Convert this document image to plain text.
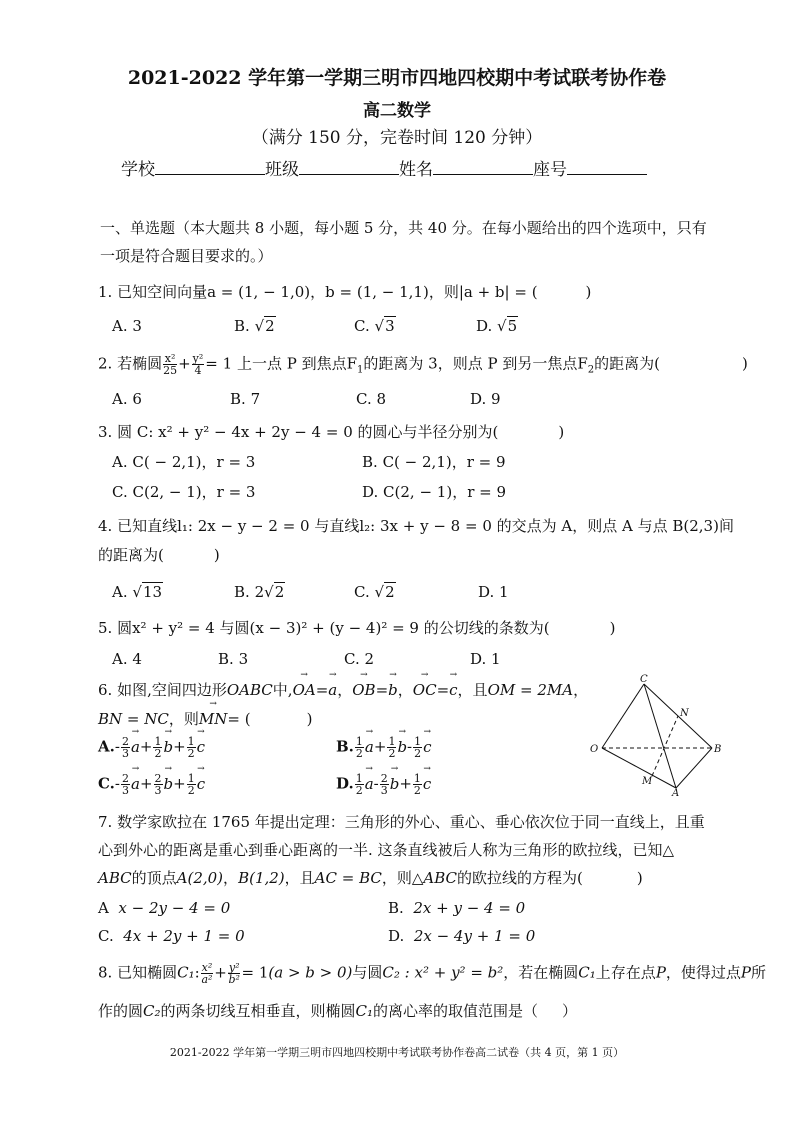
2021-2022 学年第一学期三明市四地四校期中考试联考协作卷
高二数学
（满分 150 分，完卷时间 120 分钟）
学校	班级	姓名	座号
一、单选题（本大题共 8 小题，每小题 5 分，共 40 分。在每小题给出的四个选项中，只有
一项是符合题目要求的。）
1. 已知空间向量a = (1, − 1,0)，b = (1, − 1,1)，则|a + b| = (	)
A. 3	B. √2	C. √3	D. √5
2. 若椭圆 $\frac{\text{x²}}{25} + \frac{\text{y²}}{4} = 1$ 上一点 P 到焦点$F_1$的距离为 3，则点 P 到另一焦点$F_2$的距离为(	)
A. 6	B. 7	C. 8	D. 9
3. 圆 C: x² + y² − 4x + 2y − 4 = 0 的圆心与半径分别为(	)
A. C( − 2,1)，r = 3	B. C( − 2,1)，r = 9
C. C(2, − 1)，r = 3	D. C(2, − 1)，r = 9
4. 已知直线l₁: 2x − y − 2 = 0 与直线l₂: 3x + y − 8 = 0 的交点为 A，则点 A 与点 B(2,3)间
的距离为(	)
A. √13	B. 2√2	C. √2	D. 1
5. 圆x² + y² = 4 与圆(x − 3)² + (y − 4)² = 9 的公切线的条数为(	)
A. 4	B. 3	C. 2	D. 1
6. 如图,空间四边形OABC中,→ OA=→ a，→ OB=→ b，→ OC=→ c，且OM = 2MA，
BN = NC，则→ MN= (	)
$A.- \frac{2}{3}$
→ $a+ \frac{1}{2}$
→ $b+ \frac{1}{2}$
→ c	B. $\frac{1}{2}$
→ $a+ \frac{1}{2}$
→ $b- \frac{1}{2}$
→ c
$C.- \frac{2}{3}$
→ $a+ \frac{2}{3}$
→ $b+ \frac{1}{2}$
→ c	D. $\frac{1}{2}$
→ $a- \frac{2}{3}$
→ $b+ \frac{1}{2}$
→ c
C
N
O	B
M
A
7. 数学家欧拉在 1765 年提出定理：三角形的外心、重心、垂心依次位于同一直线上，且重
心到外心的距离是重心到垂心距离的一半. 这条直线被后人称为三角形的欧拉线，已知△
ABC的顶点A(2,0)，B(1,2)，且AC = BC，则△ABC的欧拉线的方程为(	)
A x − 2y − 4 = 0	B. 2x + y − 4 = 0
C. 4x + 2y + 1 = 0	D. 2x − 4y + 1 = 0
8. 已知椭圆C₁: $\frac{\text{x²}}{\text{a²}} + \frac{\text{y²}}{\text{b²}} = 1(a > b > 0)$与圆C₂ : x² + y² = b²，若在椭圆C₁上存在点P，使得过点P所
作的圆C₂的两条切线互相垂直，则椭圆C₁的离心率的取值范围是（ ）
2021-2022 学年第一学期三明市四地四校期中考试联考协作卷高二试卷（共 4 页，第 1 页）
